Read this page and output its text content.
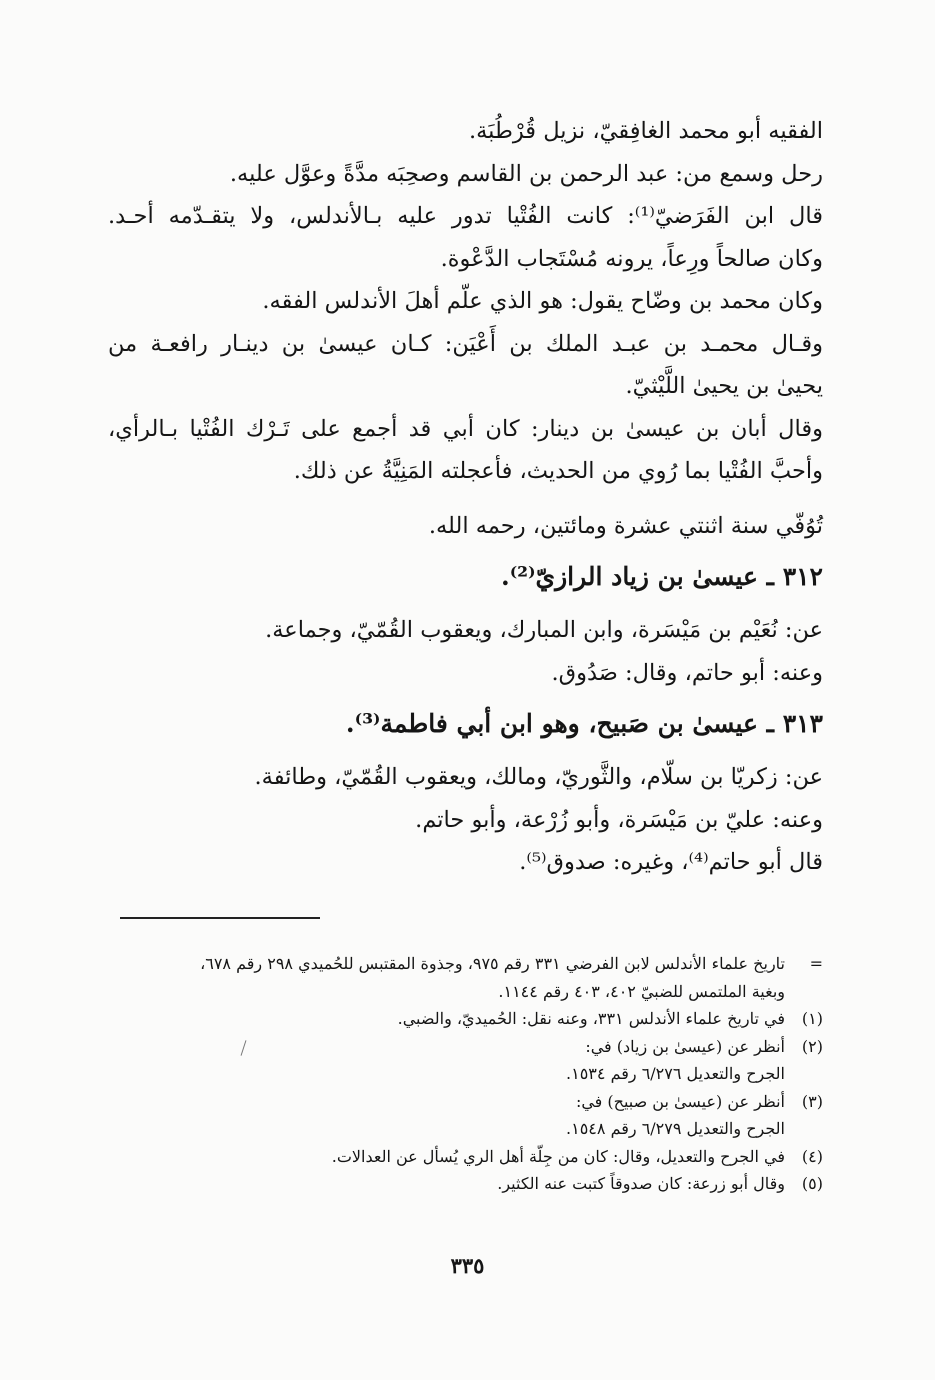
الفقيه أبو محمد الغافِقيّ، نزيل قُرْطُبَة.
رحل وسمع من: عبد الرحمن بن القاسم وصحِبَه مدَّةً وعوَّل عليه.
قال ابن الفَرَضيّ⁽¹⁾: كانت الفُتْيا تدور عليه بـالأندلس، ولا يتقـدّمه أحـد.
وكان صالحاً ورِعاً، يرونه مُسْتَجاب الدَّعْوة.
وكان محمد بن وضّاح يقول: هو الذي علّم أهلَ الأندلس الفقه.
وقـال محمـد بن عبـد الملك بن أَعْيَن: كـان عيسىٰ بن دينـار رافعـة من
يحيىٰ بن يحيىٰ اللَّيْثيّ.
وقال أبان بن عيسىٰ بن دينار: كان أبي قد أجمع على تَـرْك الفُتْيا بـالرأي،
وأحبَّ الفُتْيا بما رُوي من الحديث، فأعجلته المَنِيَّةُ عن ذلك.
تُوُفّي سنة اثنتي عشرة ومائتين، رحمه الله.
٣١٢ ـ عيسىٰ بن زياد الرازيّ⁽²⁾.
عن: نُعَيْم بن مَيْسَرة، وابن المبارك، ويعقوب القُمّيّ، وجماعة.
وعنه: أبو حاتم، وقال: صَدُوق.
٣١٣ ـ عيسىٰ بن صَبيح، وهو ابن أبي فاطمة⁽³⁾.
عن: زكريّا بن سلّام، والثَّوريّ، ومالك، ويعقوب القُمّيّ، وطائفة.
وعنه: عليّ بن مَيْسَرة، وأبو زُرْعة، وأبو حاتم.
قال أبو حاتم⁽⁴⁾، وغيره: صدوق⁽⁵⁾.
=
تاريخ علماء الأندلس لابن الفرضي ٣٣١ رقم ٩٧٥، وجذوة المقتبس للحُميدي ٢٩٨ رقم ٦٧٨،
وبغية الملتمس للضبيّ ٤٠٢، ٤٠٣ رقم ١١٤٤.
(١)
في تاريخ علماء الأندلس ٣٣١، وعنه نقل: الحُميديّ، والضبي.
(٢)
أنظر عن (عيسىٰ بن زياد) في:
الجرح والتعديل ٦/٢٧٦ رقم ١٥٣٤.
(٣)
أنظر عن (عيسىٰ بن صبيح) في:
الجرح والتعديل ٦/٢٧٩ رقم ١٥٤٨.
(٤)
في الجرح والتعديل، وقال: كان من جِلّة أهل الري يُسأل عن العدالات.
(٥)
وقال أبو زرعة: كان صدوقاً كتبت عنه الكثير.
٣٣٥
